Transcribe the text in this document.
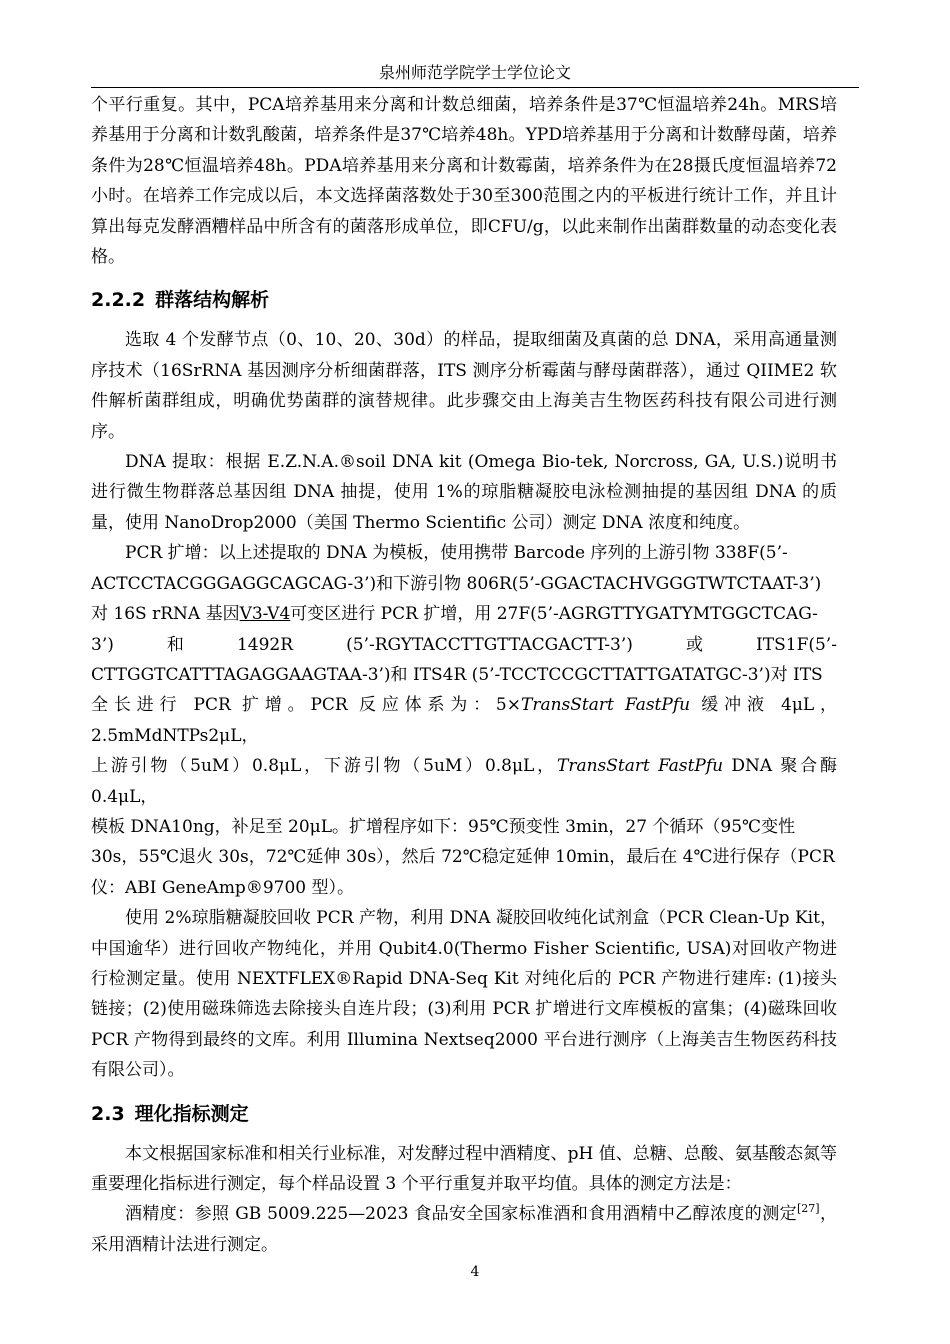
泉州师范学院学士学位论文

个平行重复。其中，PCA培养基用来分离和计数总细菌，培养条件是37℃恒温培养24h。MRS培养基用于分离和计数乳酸菌，培养条件是37℃培养48h。YPD培养基用于分离和计数酵母菌，培养条件为28℃恒温培养48h。PDA培养基用来分离和计数霉菌，培养条件为在28摄氏度恒温培养72小时。在培养工作完成以后，本文选择菌落数处于30至300范围之内的平板进行统计工作，并且计算出每克发酵酒糟样品中所含有的菌落形成单位，即CFU/g，以此来制作出菌群数量的动态变化表格。

2.2.2 群落结构解析

选取 4 个发酵节点（0、10、20、30d）的样品，提取细菌及真菌的总 DNA，采用高通量测序技术（16SrRNA 基因测序分析细菌群落，ITS 测序分析霉菌与酵母菌群落），通过 QIIME2 软件解析菌群组成，明确优势菌群的演替规律。此步骤交由上海美吉生物医药科技有限公司进行测序。

DNA 提取：根据 E.Z.N.A.®soil DNA kit (Omega Bio-tek, Norcross, GA, U.S.)说明书进行微生物群落总基因组 DNA 抽提，使用 1%的琼脂糖凝胶电泳检测抽提的基因组 DNA 的质量，使用 NanoDrop2000（美国 Thermo Scientific 公司）测定 DNA 浓度和纯度。

PCR 扩增：以上述提取的 DNA 为模板，使用携带 Barcode 序列的上游引物 338F(5’-
ACTCCTACGGGAGGCAGCAG-3’)和下游引物 806R(5’-GGACTACHVGGGTWTCTAAT-3’)
对 16S rRNA 基因V3-V4可变区进行 PCR 扩增，用 27F(5’-AGRGTTYGATYMTGGCTCAG-
3’)	和	1492R	(5’-RGYTACCTTGTTACGACTT-3’)	或	ITS1F(5’-
CTTGGTCATTTAGAGGAAGTAA-3’)和 ITS4R (5’-TCCTCCGCTTATTGATATGC-3’)对 ITS
全长进行 PCR 扩增。PCR 反应体系为：5×TransStart FastPfu 缓冲液 4μL，2.5mMdNTPs2μL，
上游引物（5uM）0.8μL，下游引物（5uM）0.8μL，TransStart FastPfu DNA 聚合酶 0.4μL，
模板 DNA10ng，补足至 20μL。扩增程序如下：95℃预变性 3min，27 个循环（95℃变性
30s，55℃退火 30s，72℃延伸 30s），然后 72℃稳定延伸 10min，最后在 4℃进行保存（PCR
仪：ABI GeneAmp®9700 型）。

使用 2%琼脂糖凝胶回收 PCR 产物，利用 DNA 凝胶回收纯化试剂盒（PCR Clean-Up Kit，中国逾华）进行回收产物纯化，并用 Qubit4.0(Thermo Fisher Scientific, USA)对回收产物进行检测定量。使用 NEXTFLEX®Rapid DNA-Seq Kit 对纯化后的 PCR 产物进行建库: (1)接头链接；(2)使用磁珠筛选去除接头自连片段；(3)利用 PCR 扩增进行文库模板的富集；(4)磁珠回收 PCR 产物得到最终的文库。利用 Illumina Nextseq2000 平台进行测序（上海美吉生物医药科技有限公司）。

2.3 理化指标测定

本文根据国家标准和相关行业标准，对发酵过程中酒精度、pH 值、总糖、总酸、氨基酸态氮等重要理化指标进行测定，每个样品设置 3 个平行重复并取平均值。具体的测定方法是：

酒精度：参照 GB 5009.225—2023 食品安全国家标准酒和食用酒精中乙醇浓度的测定[27]，采用酒精计法进行测定。

4
